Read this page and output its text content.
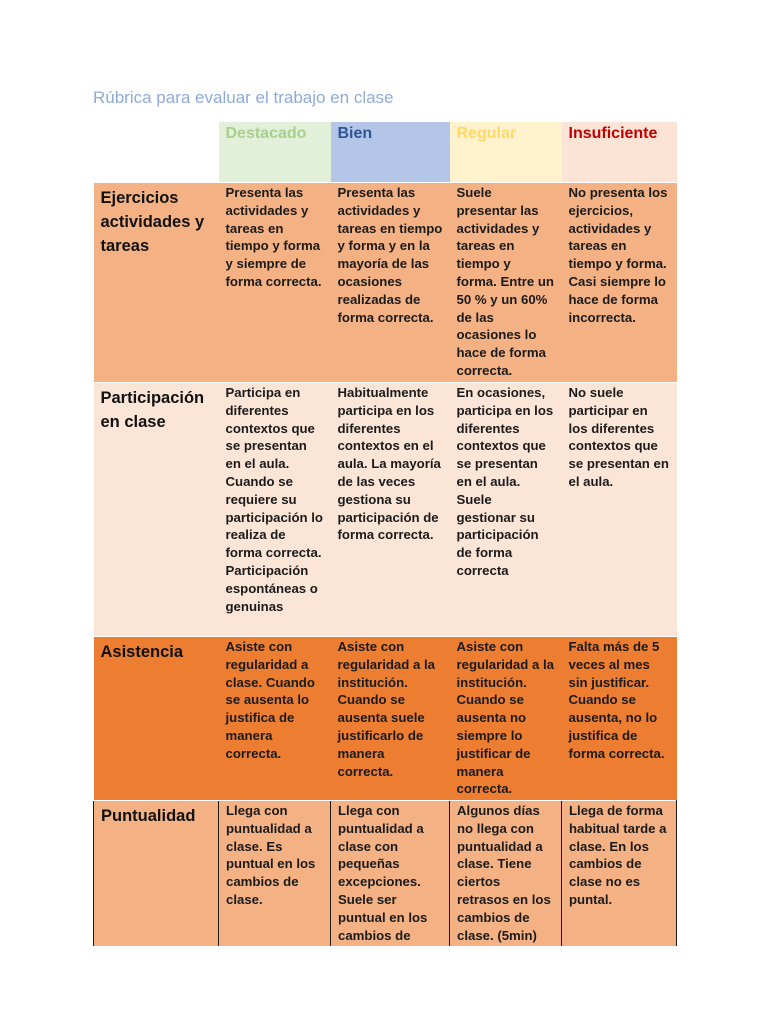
Rúbrica para evaluar el trabajo en clase

	Destacado	Bien	Regular	Insuficiente

Ejercicios actividades y tareas	Presenta las actividades y tareas en tiempo y forma y siempre de forma correcta.	Presenta las actividades y tareas en tiempo y forma y en la mayoría de las ocasiones realizadas de forma correcta.	Suele presentar las actividades y tareas en tiempo y forma. Entre un 50 % y un 60% de las ocasiones lo hace de forma correcta.	No presenta los ejercicios, actividades y tareas en tiempo y forma. Casi siempre lo hace de forma incorrecta.
Participación en clase	Participa en diferentes contextos que se presentan en el aula. Cuando se requiere su participación lo realiza de forma correcta. Participación espontáneas o genuinas	Habitualmente participa en los diferentes contextos en el aula. La mayoría de las veces gestiona su participación de forma correcta.	En ocasiones, participa en los diferentes contextos que se presentan en el aula. Suele gestionar su participación de forma correcta	No suele participar en los diferentes contextos que se presentan en el aula.
Asistencia	Asiste con regularidad a clase. Cuando se ausenta lo justifica de manera correcta.	Asiste con regularidad a la institución. Cuando se ausenta suele justificarlo de manera correcta.	Asiste con regularidad a la institución. Cuando se ausenta no siempre lo justificar de manera correcta.	Falta más de 5 veces al mes sin justificar. Cuando se ausenta, no lo justifica de forma correcta.
Puntualidad	Llega con puntualidad a clase. Es puntual en los cambios de clase.	Llega con puntualidad a clase con pequeñas excepciones. Suele ser puntual en los cambios de	Algunos días no llega con puntualidad a clase. Tiene ciertos retrasos en los cambios de clase. (5min)	Llega de forma habitual tarde a clase. En los cambios de clase no es puntal.
